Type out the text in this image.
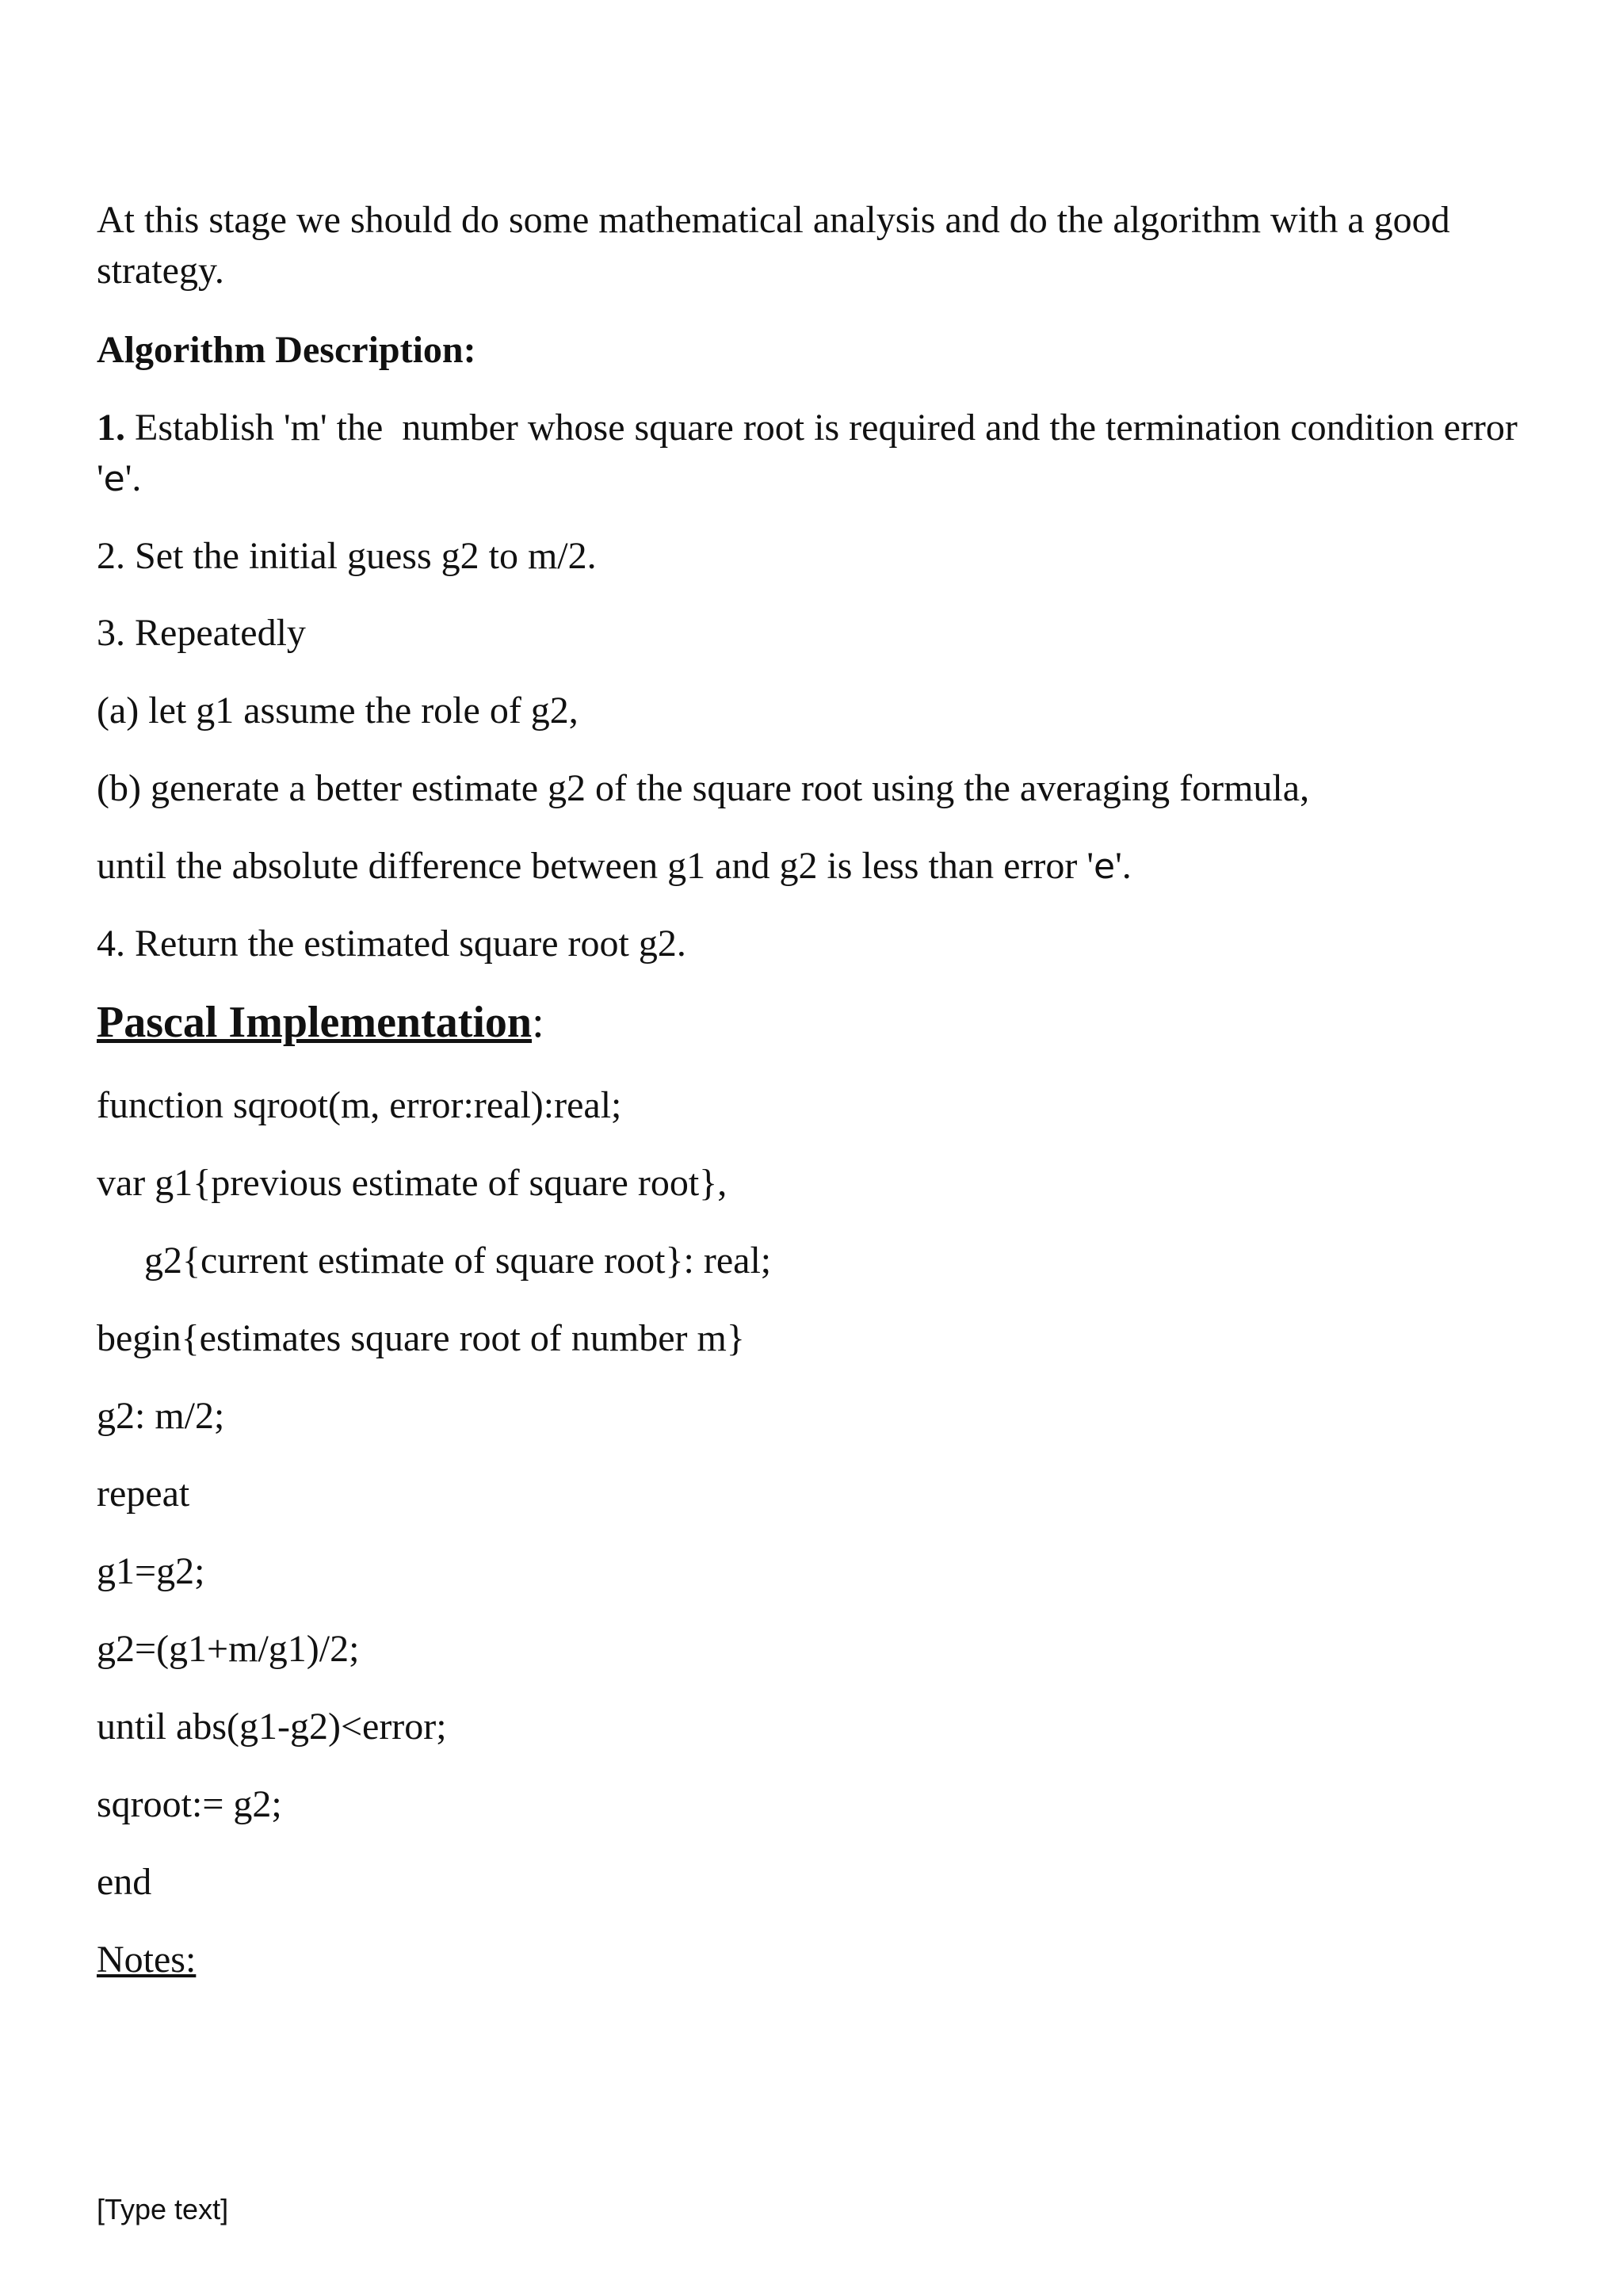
At this stage we should do some mathematical analysis and do the algorithm with a good

strategy.

Algorithm Description:

1. Establish 'm' the  number whose square root is required and the termination condition error

'e'.

2. Set the initial guess g2 to m/2.

3. Repeatedly

(a) let g1 assume the role of g2,

(b) generate a better estimate g2 of the square root using the averaging formula,

until the absolute difference between g1 and g2 is less than error 'e'.

4. Return the estimated square root g2.

Pascal Implementation:

function sqroot(m, error:real):real;

var g1{previous estimate of square root},

g2{current estimate of square root}: real;

begin{estimates square root of number m}

g2: m/2;

repeat

g1=g2;

g2=(g1+m/g1)/2;

until abs(g1-g2)<error;

sqroot:= g2;

end

Notes:

[Type text]
